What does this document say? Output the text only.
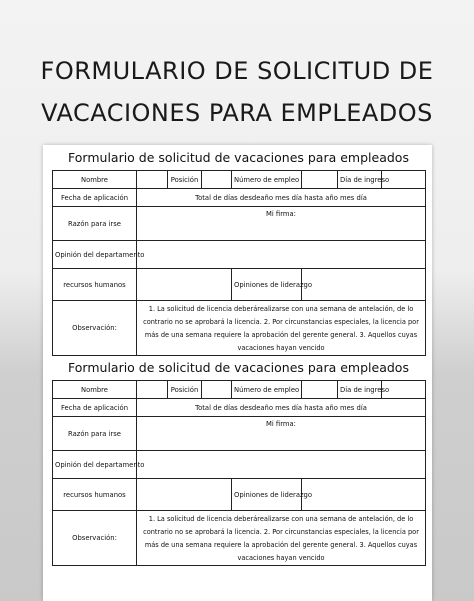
FORMULARIO DE SOLICITUD DE
VACACIONES PARA EMPLEADOS
Formulario de solicitud de vacaciones para empleados
Nombre		Posición		Número de empleo		Día de ingreso	
Fecha de aplicación	Total de días desdeaño mes día hasta año mes día						
Razón para irse	Mi firma:						
Opinión del departamento							
recursos humanos				Opiniones de liderazgo			
Observación:	1. La solicitud de licencia deberárealizarse con una semana de antelación, de lo contrario no se aprobará la licencia. 2. Por circunstancias especiales, la licencia por más de una semana requiere la aprobación del gerente general. 3. Aquellos cuyas vacaciones hayan vencido						
Formulario de solicitud de vacaciones para empleados
Nombre		Posición		Número de empleo		Día de ingreso	
Fecha de aplicación	Total de días desdeaño mes día hasta año mes día						
Razón para irse	Mi firma:						
Opinión del departamento							
recursos humanos				Opiniones de liderazgo			
Observación:	1. La solicitud de licencia deberárealizarse con una semana de antelación, de lo contrario no se aprobará la licencia. 2. Por circunstancias especiales, la licencia por más de una semana requiere la aprobación del gerente general. 3. Aquellos cuyas vacaciones hayan vencido						
